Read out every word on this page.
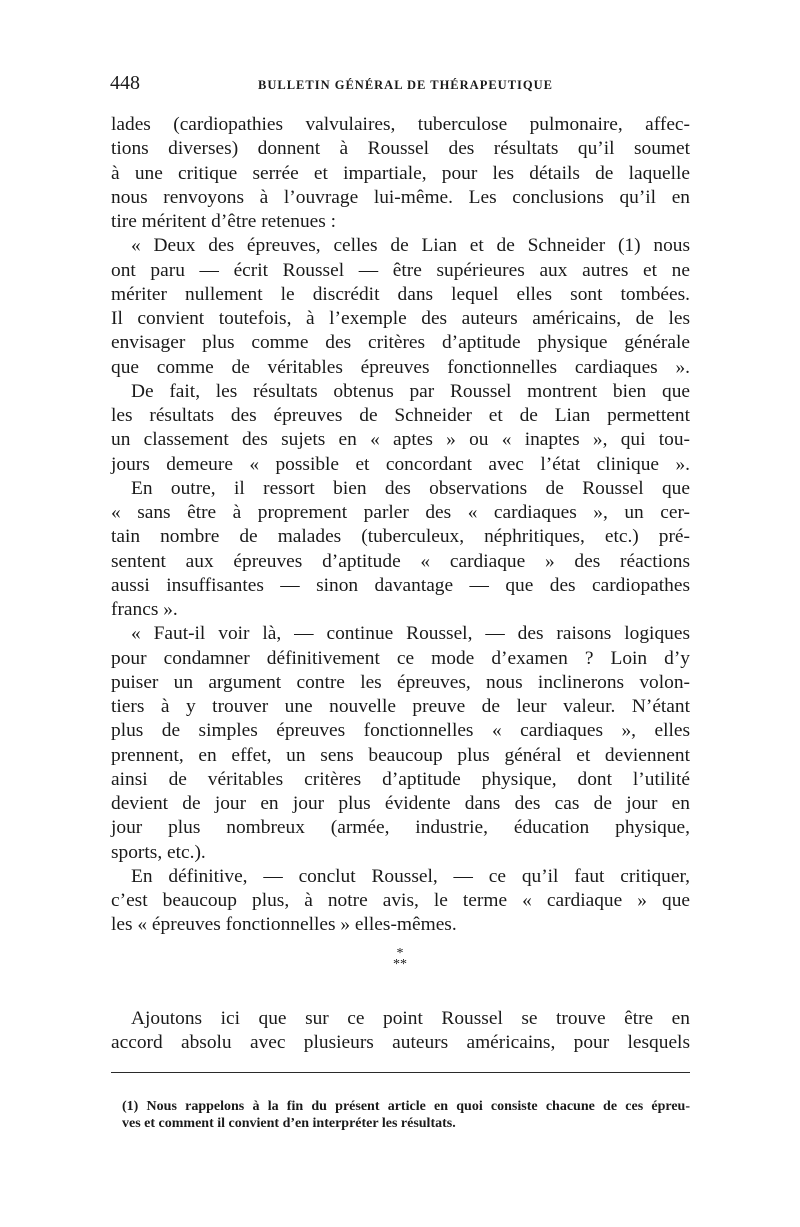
448	BULLETIN GÉNÉRAL DE THÉRAPEUTIQUE
lades (cardiopathies valvulaires, tuberculose pulmonaire, affec-
tions diverses) donnent à Roussel des résultats qu’il soumet
à une critique serrée et impartiale, pour les détails de laquelle
nous renvoyons à l’ouvrage lui-même. Les conclusions qu’il en
tire méritent d’être retenues :
« Deux des épreuves, celles de Lian et de Schneider (1) nous
ont paru — écrit Roussel — être supérieures aux autres et ne
mériter nullement le discrédit dans lequel elles sont tombées.
Il convient toutefois, à l’exemple des auteurs américains, de les
envisager plus comme des critères d’aptitude physique générale
que comme de véritables épreuves fonctionnelles cardiaques ».
De fait, les résultats obtenus par Roussel montrent bien que
les résultats des épreuves de Schneider et de Lian permettent
un classement des sujets en « aptes » ou « inaptes », qui tou-
jours demeure « possible et concordant avec l’état clinique ».
En outre, il ressort bien des observations de Roussel que
« sans être à proprement parler des « cardiaques », un cer-
tain nombre de malades (tuberculeux, néphritiques, etc.) pré-
sentent aux épreuves d’aptitude « cardiaque » des réactions
aussi insuffisantes — sinon davantage — que des cardiopathes
francs ».
« Faut-il voir là, — continue Roussel, — des raisons logiques
pour condamner définitivement ce mode d’examen ? Loin d’y
puiser un argument contre les épreuves, nous inclinerons volon-
tiers à y trouver une nouvelle preuve de leur valeur. N’étant
plus de simples épreuves fonctionnelles « cardiaques », elles
prennent, en effet, un sens beaucoup plus général et deviennent
ainsi de véritables critères d’aptitude physique, dont l’utilité
devient de jour en jour plus évidente dans des cas de jour en
jour plus nombreux (armée, industrie, éducation physique,
sports, etc.).
En définitive, — conclut Roussel, — ce qu’il faut critiquer,
c’est beaucoup plus, à notre avis, le terme « cardiaque » que
les « épreuves fonctionnelles » elles-mêmes.
*
**
Ajoutons ici que sur ce point Roussel se trouve être en
accord absolu avec plusieurs auteurs américains, pour lesquels
(1) Nous rappelons à la fin du présent article en quoi consiste chacune de ces épreu-
ves et comment il convient d’en interpréter les résultats.
